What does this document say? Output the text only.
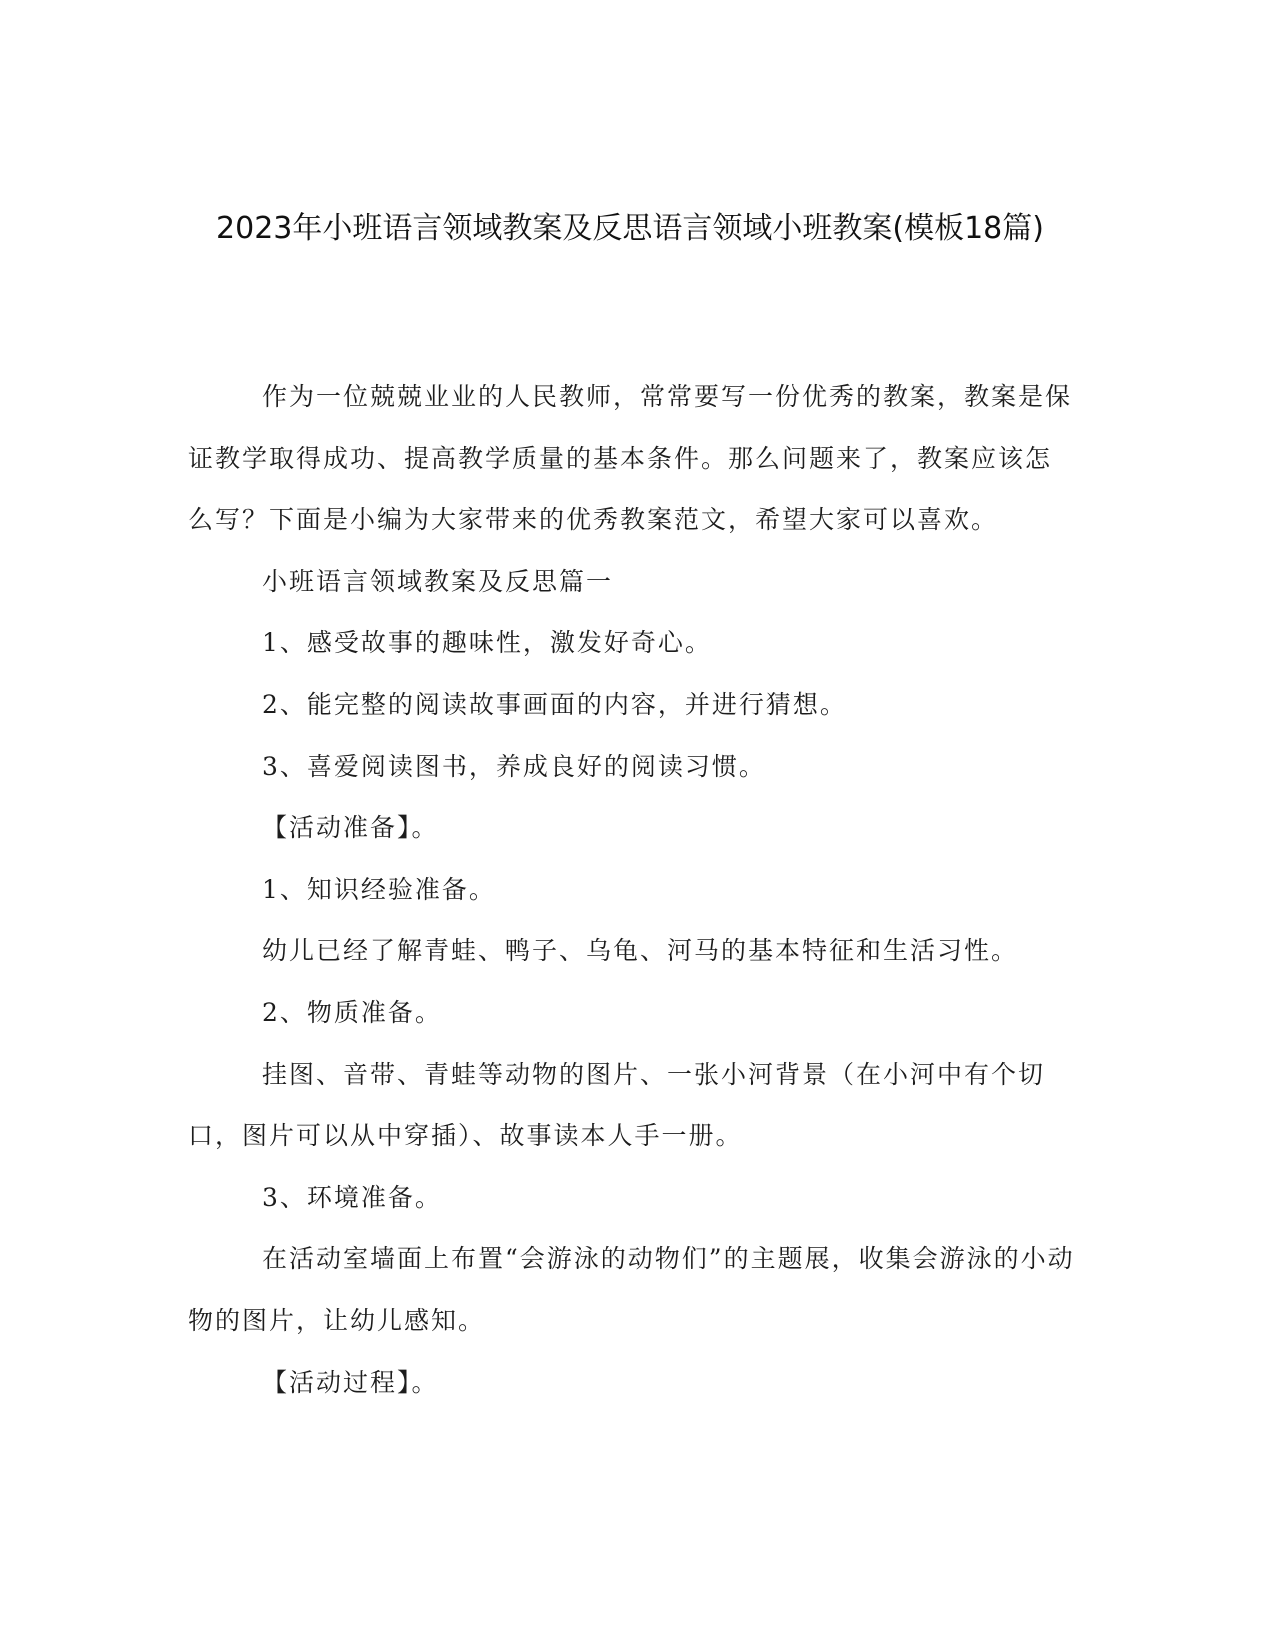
2023年小班语言领域教案及反思语言领域小班教案(模板18篇)

作为一位兢兢业业的人民教师，常常要写一份优秀的教案，教案是保证教学取得成功、提高教学质量的基本条件。那么问题来了，教案应该怎么写？下面是小编为大家带来的优秀教案范文，希望大家可以喜欢。

小班语言领域教案及反思篇一

1、感受故事的趣味性，激发好奇心。

2、能完整的阅读故事画面的内容，并进行猜想。

3、喜爱阅读图书，养成良好的阅读习惯。

【活动准备】。

1、知识经验准备。

幼儿已经了解青蛙、鸭子、乌龟、河马的基本特征和生活习性。

2、物质准备。

挂图、音带、青蛙等动物的图片、一张小河背景（在小河中有个切口，图片可以从中穿插）、故事读本人手一册。

3、环境准备。

在活动室墙面上布置“会游泳的动物们”的主题展，收集会游泳的小动物的图片，让幼儿感知。

【活动过程】。
